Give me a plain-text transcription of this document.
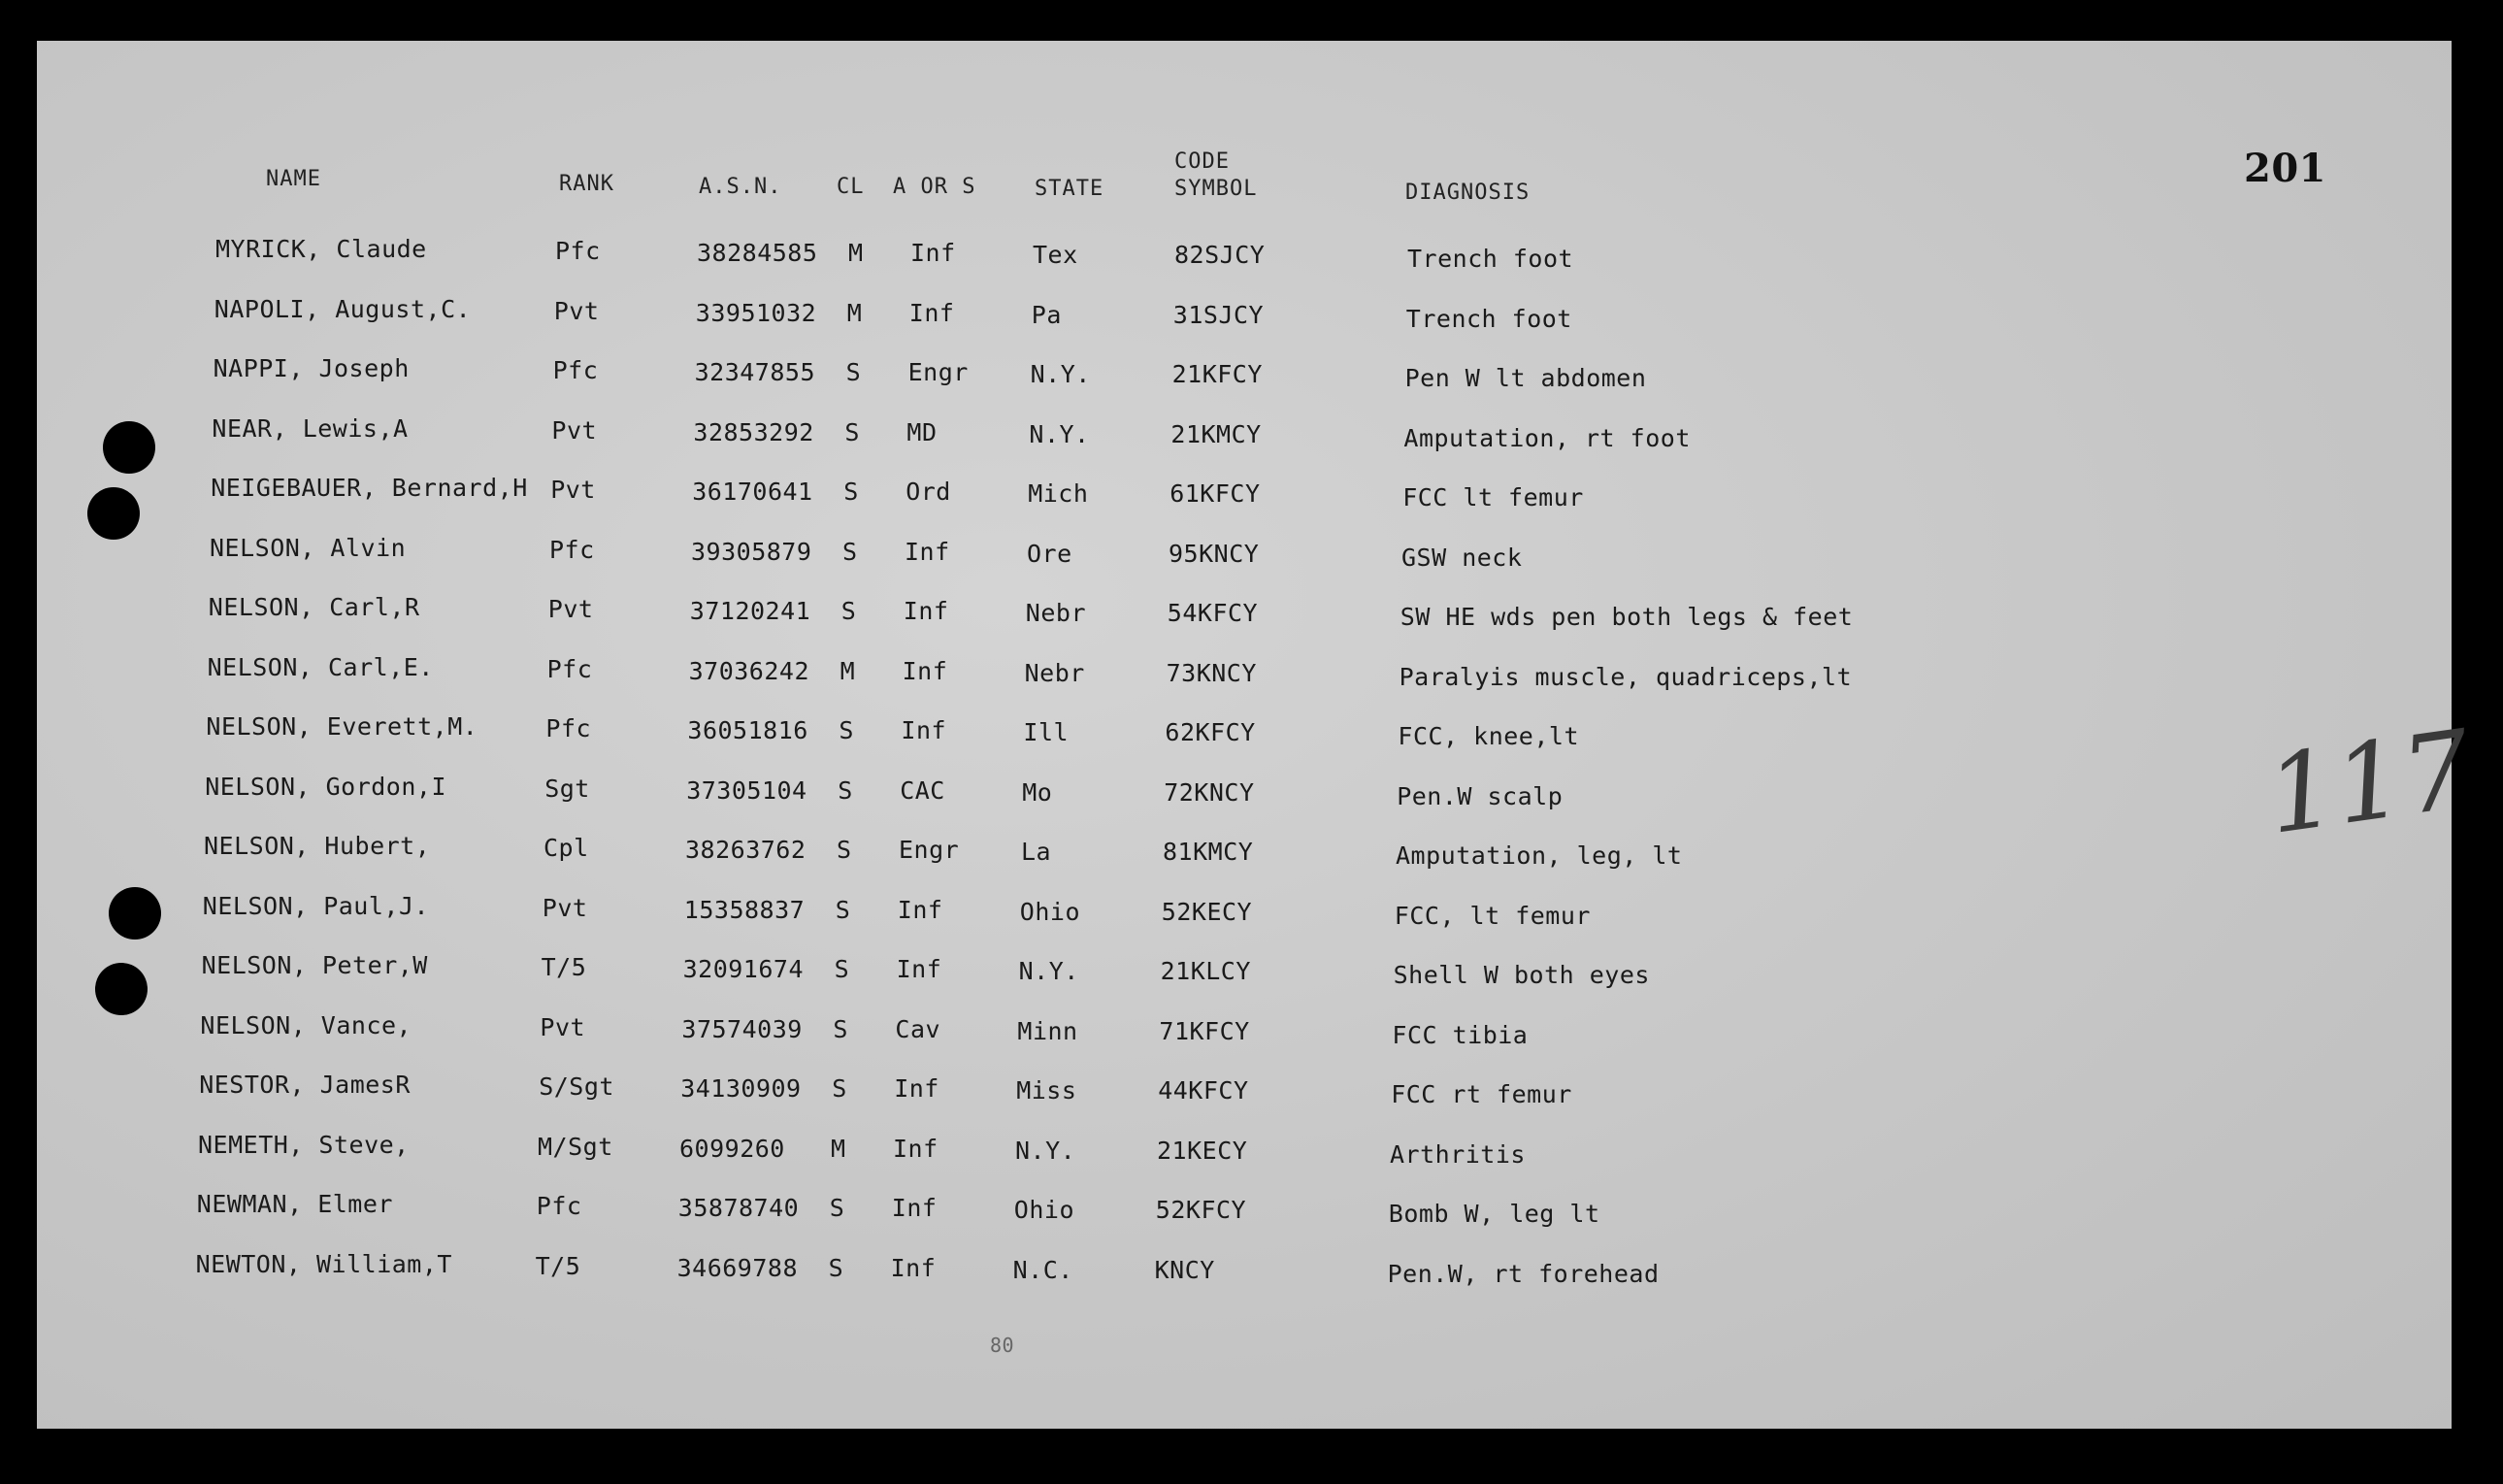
201
NAME	RANK	A.S.N.	CL A OR S	STATE
CODE
SYMBOL	DIAGNOSIS
MYRICK, Claude	Pfc	38284585 M Inf	Tex	82SJCY	Trench foot
NAPOLI, August,C.	Pvt	33951032 M Inf	Pa	31SJCY	Trench foot
NAPPI, Joseph	Pfc	32347855 S Engr	N.Y.	21KFCY	Pen W lt abdomen
NEAR, Lewis,A	Pvt	32853292 S MD	N.Y.	21KMCY	Amputation, rt foot
NEIGEBAUER, Bernard,H Pvt	36170641 S Ord	Mich	61KFCY	FCC lt femur
NELSON, Alvin	Pfc	39305879 S Inf	Ore	95KNCY	GSW neck
NELSON, Carl,R	Pvt	37120241 S Inf	Nebr	54KFCY	SW HE wds pen both legs & feet
NELSON, Carl,E.	Pfc	37036242 M Inf	Nebr	73KNCY	Paralyis muscle, quadriceps,lt
NELSON, Everett,M.	Pfc	36051816 S Inf	Ill	62KFCY	FCC, knee,lt
NELSON, Gordon,I	Sgt	37305104 S CAC	Mo	72KNCY	Pen.W scalp
NELSON, Hubert,	Cpl	38263762 S Engr	La	81KMCY	Amputation, leg, lt
NELSON, Paul,J.	Pvt	15358837 S Inf	Ohio	52KECY	FCC, lt femur
NELSON, Peter,W	T/5	32091674 S Inf	N.Y.	21KLCY	Shell W both eyes
NELSON, Vance,	Pvt	37574039 S Cav	Minn	71KFCY	FCC tibia
NESTOR, JamesR	S/Sgt	34130909 S Inf	Miss	44KFCY	FCC rt femur
NEMETH, Steve,	M/Sgt	6099260 M Inf	N.Y.	21KECY	Arthritis
NEWMAN, Elmer	Pfc	35878740 S Inf	Ohio	52KFCY	Bomb W, leg lt
NEWTON, William,T	T/5	34669788 S Inf	N.C.	KNCY	Pen.W, rt forehead
117
80
